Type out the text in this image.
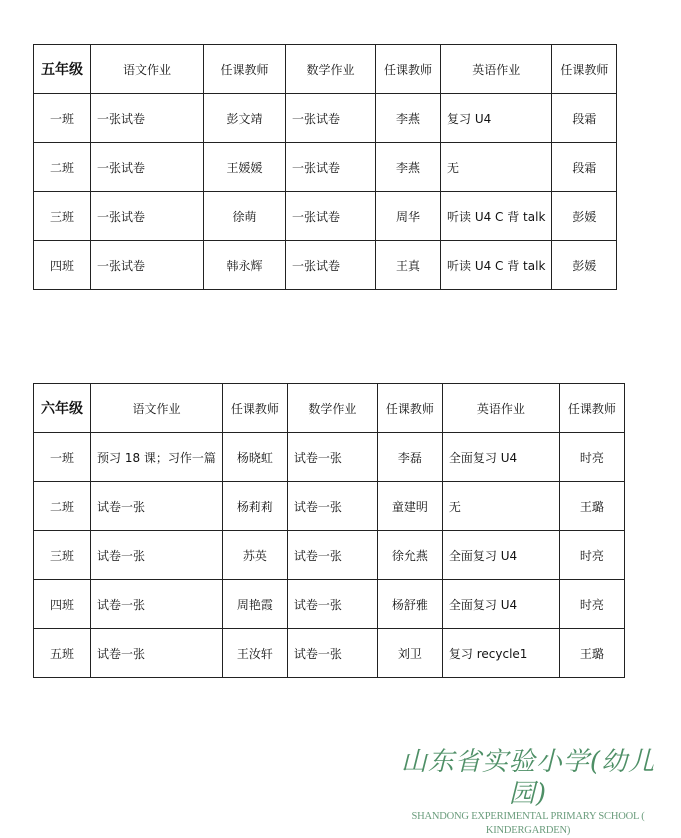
五年级	语文作业	任课教师	数学作业	任课教师	英语作业	任课教师
一班	一张试卷	彭文靖	一张试卷	李燕	复习 U4	段霜
二班	一张试卷	王媛媛	一张试卷	李燕	无	段霜
三班	一张试卷	徐萌	一张试卷	周华	听读 U4 C 背 talk	彭媛
四班	一张试卷	韩永辉	一张试卷	王真	听读 U4 C 背 talk	彭媛
六年级	语文作业	任课教师	数学作业	任课教师	英语作业	任课教师
一班	预习 18 课；习作一篇	杨晓虹	试卷一张	李磊	全面复习 U4	时亮
二班	试卷一张	杨莉莉	试卷一张	童建明	无	王璐
三班	试卷一张	苏英	试卷一张	徐允燕	全面复习 U4	时亮
四班	试卷一张	周艳霞	试卷一张	杨舒雅	全面复习 U4	时亮
五班	试卷一张	王汝轩	试卷一张	刘卫	复习 recycle1	王璐
山东省实验小学(幼儿园)
SHANDONG EXPERIMENTAL PRIMARY SCHOOL ( KINDERGARDEN)
